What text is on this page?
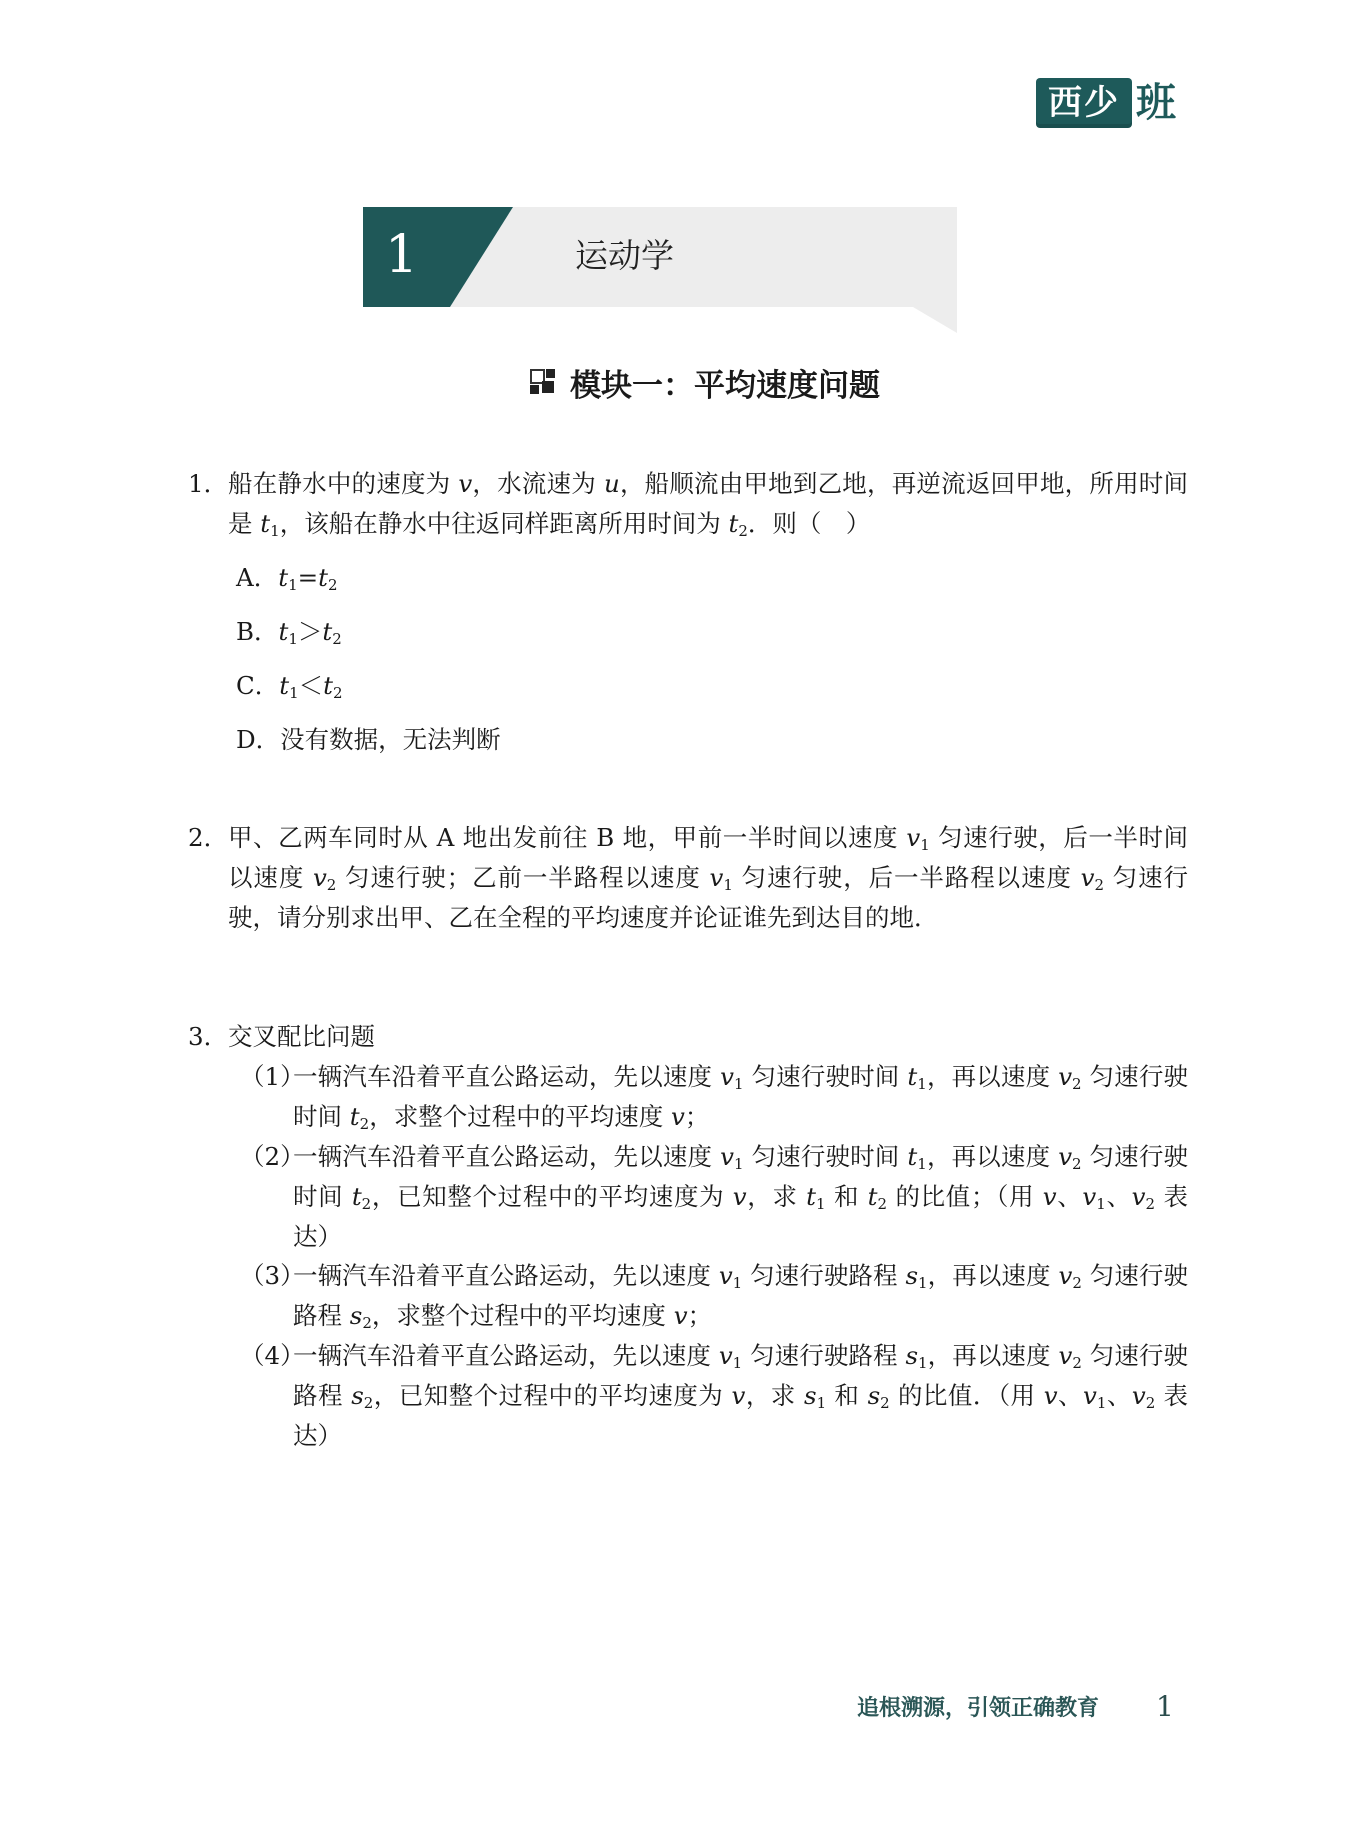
西少 班
1	运动学
模块一：平均速度问题
1． 船在静水中的速度为 v，水流速为 u，船顺流由甲地到乙地，再逆流返回甲地，所用时间是 $t_1$，该船在静水中往返同样距离所用时间为 $t_2$．则（　）
A．$t_1=t_2$
B．$t_1>t_2$
C．$t_1<t_2$
D．没有数据，无法判断
2． 甲、乙两车同时从 A 地出发前往 B 地，甲前一半时间以速度 $v_1$ 匀速行驶，后一半时间以速度 $v_2$ 匀速行驶；乙前一半路程以速度 $v_1$ 匀速行驶，后一半路程以速度 $v_2$ 匀速行驶，请分别求出甲、乙在全程的平均速度并论证谁先到达目的地．
3． 交叉配比问题
（1）
一辆汽车沿着平直公路运动，先以速度 $v_1$ 匀速行驶时间 $t_1$，再以速度 $v_2$ 匀速行驶时间 $t_2$，求整个过程中的平均速度 v；
（2）
一辆汽车沿着平直公路运动，先以速度 $v_1$ 匀速行驶时间 $t_1$，再以速度 $v_2$ 匀速行驶时间 $t_2$，已知整个过程中的平均速度为 v，求 $t_1$ 和 $t_2$ 的比值；（用 v、$v_1$、$v_2$ 表达）
（3）
一辆汽车沿着平直公路运动，先以速度 $v_1$ 匀速行驶路程 $s_1$，再以速度 $v_2$ 匀速行驶路程 $s_2$，求整个过程中的平均速度 v；
（4）
一辆汽车沿着平直公路运动，先以速度 $v_1$ 匀速行驶路程 $s_1$，再以速度 $v_2$ 匀速行驶路程 $s_2$，已知整个过程中的平均速度为 v，求 $s_1$ 和 $s_2$ 的比值．（用 v、$v_1$、$v_2$ 表达）
追根溯源，引领正确教育 1
